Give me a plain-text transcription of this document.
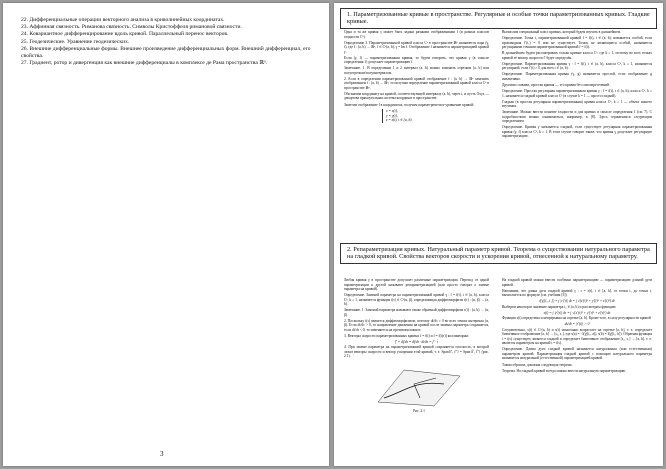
22. Дифференциальные операции векторного анализа в криволинейных координатах.
23. Аффинная связность. Риманова связность. Символы Кристоффеля римановой связности.
24. Ковариантное дифференцирование вдоль кривой. Параллельный перенос векторов.
25. Геодезические. Уравнение геодезических.
26. Внешние дифференциальные формы. Внешнее произведение дифференциальных форм. Внешний дифференциал, его свойства.
27. Градиент, ротор и дивергенция как внешние дифференциалы в комплексе де Рама пространства ℝ³.
3
1. Параметризованные кривые в пространстве. Регулярные и особые точки параметризованных кривых. Гладкие кривые.

Одна и та же кривая γ может быть задана разными отображениями f (и разных классов гладкости Cᵏ).

Определение 3. Параметризованной кривой класса Cᵏ в пространстве ℝⁿ называется пара (γ, f), где f : (a, b) → ℝⁿ, f ∈ Cᵏ(a, b), γ = Im f. Отображение f называется параметризацией кривой γ.

Если (γ, f) — параметризованная кривая, то будем говорить, что кривая γ (в смысле определения 1) допускает параметризацию f.

Замечание. 1. В определении 1 и 2 интервал (a, b) можно заменить отрезком [a, b] или полуотрезком/полуинтервалом.

2. Если в определении параметризованной кривой отображение f : (a, b) → ℝⁿ заменить отображением f : (a, b) → ℝⁿ, то получим определение параметризованной кривой класса Cᵏ в пространстве ℝⁿ.

Обозначим координату на кривой, соответствующей интервалу (a, b), через t, и пусть Oxyz — декартова прямоугольная система координат в пространстве.

Заметим отображение f в координатах, получим параметрическое уравнение кривой:

x = x(t),
y = y(t),
z = z(t), t ∈ (a, b).

Вычислим специальный класс кривых, который будем изучать в дальнейшем.

Определение. Точка t₀ параметризованной кривой f = f(t), t ∈ (a, b), называется особой, если производная f′(t₀) = 0 или не существует. Точки, не являющиеся особой, называются регулярными точками параметризованной кривой f = f(t).

В дальнейшем будем рассматривать только кривые класса Cᵏ, где k ≥ 1, поэтому во всех точках кривой её вектор скорости f′ будет определён.

Определение. Параметризованная кривая γ : f = f(t), t ∈ (a, b), класса Cᵏ, k ≥ 1, называется регулярной, если f′(t) ≠ 0 для всех t ∈ (a, b).

Определение. Параметризованная кривая (γ, g) называется простой, если отображение g инъективно.

Другими словами, простая кривая — это кривая без самопересечений.

Определение. Простая регулярная параметризованная кривая γ : f = f(t), t ∈ (a, b), класса Cᵏ, k ≥ 1, называется гладкой кривой класса Cᵏ (в случае k = 1 — просто гладкой).

Гладкая (в простая регулярная параметризованная) кривая класса Cᵏ, k ≥ 1 — объект нашего изучения.

Замечание. Можно ввести понятие гладкости и для кривых в смысле определения 1 (см. 7). С подробностями можно ознакомиться, например, в [8]. Здесь ограничимся следующим определением.

Определение. Кривая γ называется гладкой, если существует регулярная параметризованная кривая (γ, f) класса Cᵏ, k ≥ 1. В этом случае говорят также, что кривая γ допускает регулярную параметризацию.

2. Репараметризация кривых. Натуральный параметр кривой. Теорема о существовании натурального параметра на гладкой кривой. Свойства векторов скорости и ускорения кривой, отнесенной к натуральному параметру.

Любая кривая γ в пространстве допускает различные параметризации. Переход от одной параметризации к другой называют репараметризацией (или просто говорят о замене параметра на кривой).

Определение. Заменой параметра на параметризованной кривой γ : f = f(t), t ∈ (a, b), класса Cᵏ, k ≥ 1, называется функция t(τ) ∈ Cᵏ(α, β), определяющая диффеоморфизм t(τ) : (α, β) → (a, b).

Замечание. 1. Заменой параметра называют также обратный диффеоморфизм τ(t) : (a, b) → (α, β).

2. Поскольку t(τ) является диффеоморфизмом, поэтому dt/dτ ≠ 0 во всех точках интервала (α, β). Если dt/dτ > 0, то направление движения на кривой после замены параметра сохраняется, если dt/dτ < 0, то изменяется на противоположное.

3. Векторы скорости параметризованных кривых f = f(t) и f = f(t(τ)) коллинеарны:

f̄′ = df/dτ = df/dt · dt/dτ = f′ · ṫ

4. При замене параметра на параметризованной кривой сохраняется плоскость, в которой лежат векторы скорости и вектор ускорения этой кривой, т. е. Span{f′, f″} = Span{f̄′, f̄″} (рис. 2.1).

Рис. 2.1

На гладкой кривой можно ввести особенно параметризацию — параметризацию длиной дуги кривой.

Напомним, что длина дуги гладкой кривой γ : r = r(t), t ∈ [a, b], от точки t₀ до точки t₁ вычисляется по формуле (см. учебник [3])

l(γ|[t₀, t₁]) = ∫ |r′(t)| dt = ∫ √(x′(t)² + y′(t)² + z′(t)²) dt

Выберем некоторое значение параметра t₀ ∈ (a, b) и рассмотрим функцию

s(t) = ∫ |r′(τ)| dτ = ∫ √(x′(τ)² + y′(τ)² + z′(τ)²) dτ

Функция s(t) определена и непрерывна на отрезке [a, b]. Кроме того, в силу регулярности кривой

ds/dt = |r′(t)| > 0

Следовательно, s(t) ∈ Cᵏ(a, b) и s(t) монотонно возрастает на отрезке [a, b], т. е. определяет биективное отображение [a, b] → [s₀, s₁], где s(a) = −l(γ|[t₀, a]), s(b) = l(γ|[t₀, b]). Обратная функция t = t(s) существует, является гладкой и определяет биективное отображение [s₀, s₁] → [a, b], т. е. является параметром на кривой t = t(s).

Определение. Длина дуги гладкой кривой называется натуральным (или естественным) параметром кривой. Параметризация гладкой кривой с помощью натурального параметра называется натуральной (естественной) параметризацией кривой.

Таким образом, доказана следующая теорема.

Теорема. На гладкой кривой всегда можно ввести натуральную параметризацию.
